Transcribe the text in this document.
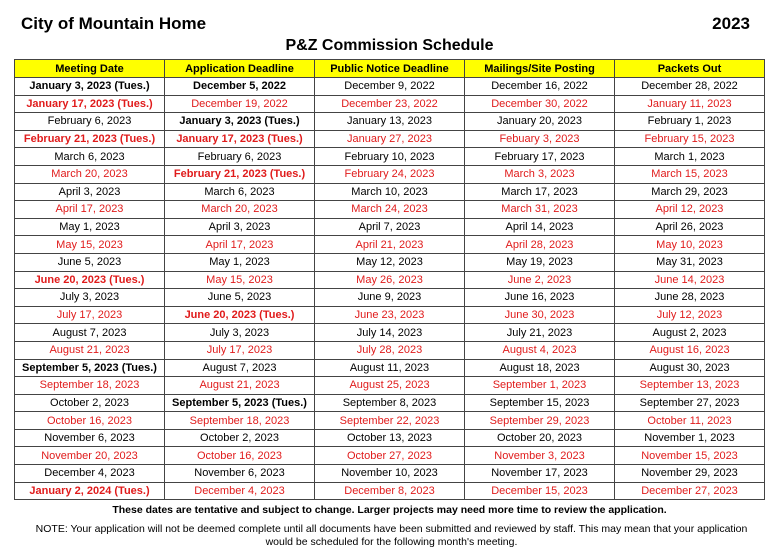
City of Mountain Home	2023
P&Z Commission Schedule
Meeting Date	Application Deadline	Public Notice Deadline	Mailings/Site Posting	Packets Out
January 3, 2023 (Tues.)	December 5, 2022	December 9, 2022	December 16, 2022	December 28, 2022
January 17, 2023 (Tues.)	December 19, 2022	December 23, 2022	December 30, 2022	January 11, 2023
February 6, 2023	January 3, 2023 (Tues.)	January 13, 2023	January 20, 2023	February 1, 2023
February 21, 2023 (Tues.)	January 17, 2023 (Tues.)	January 27, 2023	Febuary 3, 2023	February 15, 2023
March 6, 2023	February 6, 2023	February 10, 2023	February 17, 2023	March 1, 2023
March 20, 2023	February 21, 2023 (Tues.)	February 24, 2023	March 3, 2023	March 15, 2023
April 3, 2023	March 6, 2023	March 10, 2023	March 17, 2023	March 29, 2023
April 17, 2023	March 20, 2023	March 24, 2023	March 31, 2023	April 12, 2023
May 1, 2023	April 3, 2023	April 7, 2023	April 14, 2023	April 26, 2023
May 15, 2023	April 17, 2023	April 21, 2023	April 28, 2023	May 10, 2023
June 5, 2023	May 1, 2023	May 12, 2023	May 19, 2023	May 31, 2023
June 20, 2023 (Tues.)	May 15, 2023	May 26, 2023	June 2, 2023	June 14, 2023
July 3, 2023	June 5, 2023	June 9, 2023	June 16, 2023	June 28, 2023
July 17, 2023	June 20, 2023 (Tues.)	June 23, 2023	June 30, 2023	July 12, 2023
August 7, 2023	July 3, 2023	July 14, 2023	July 21, 2023	August 2, 2023
August 21, 2023	July 17, 2023	July 28, 2023	August 4, 2023	August 16, 2023
September 5, 2023 (Tues.)	August 7, 2023	August 11, 2023	August 18, 2023	August 30, 2023
September 18, 2023	August 21, 2023	August 25, 2023	September 1, 2023	September 13, 2023
October 2, 2023	September 5, 2023 (Tues.)	September 8, 2023	September 15, 2023	September 27, 2023
October 16, 2023	September 18, 2023	September 22, 2023	September 29, 2023	October 11, 2023
November 6, 2023	October 2, 2023	October 13, 2023	October 20, 2023	November 1, 2023
November 20, 2023	October 16, 2023	October 27, 2023	November 3, 2023	November 15, 2023
December 4, 2023	November 6, 2023	November 10, 2023	November 17, 2023	November 29, 2023
January 2, 2024 (Tues.)	December 4, 2023	December 8, 2023	December 15, 2023	December 27, 2023
These dates are tentative and subject to change. Larger projects may need more time to review the application.
NOTE: Your application will not be deemed complete until all documents have been submitted and reviewed by staff. This may mean that your application would be scheduled for the following month's meeting.
